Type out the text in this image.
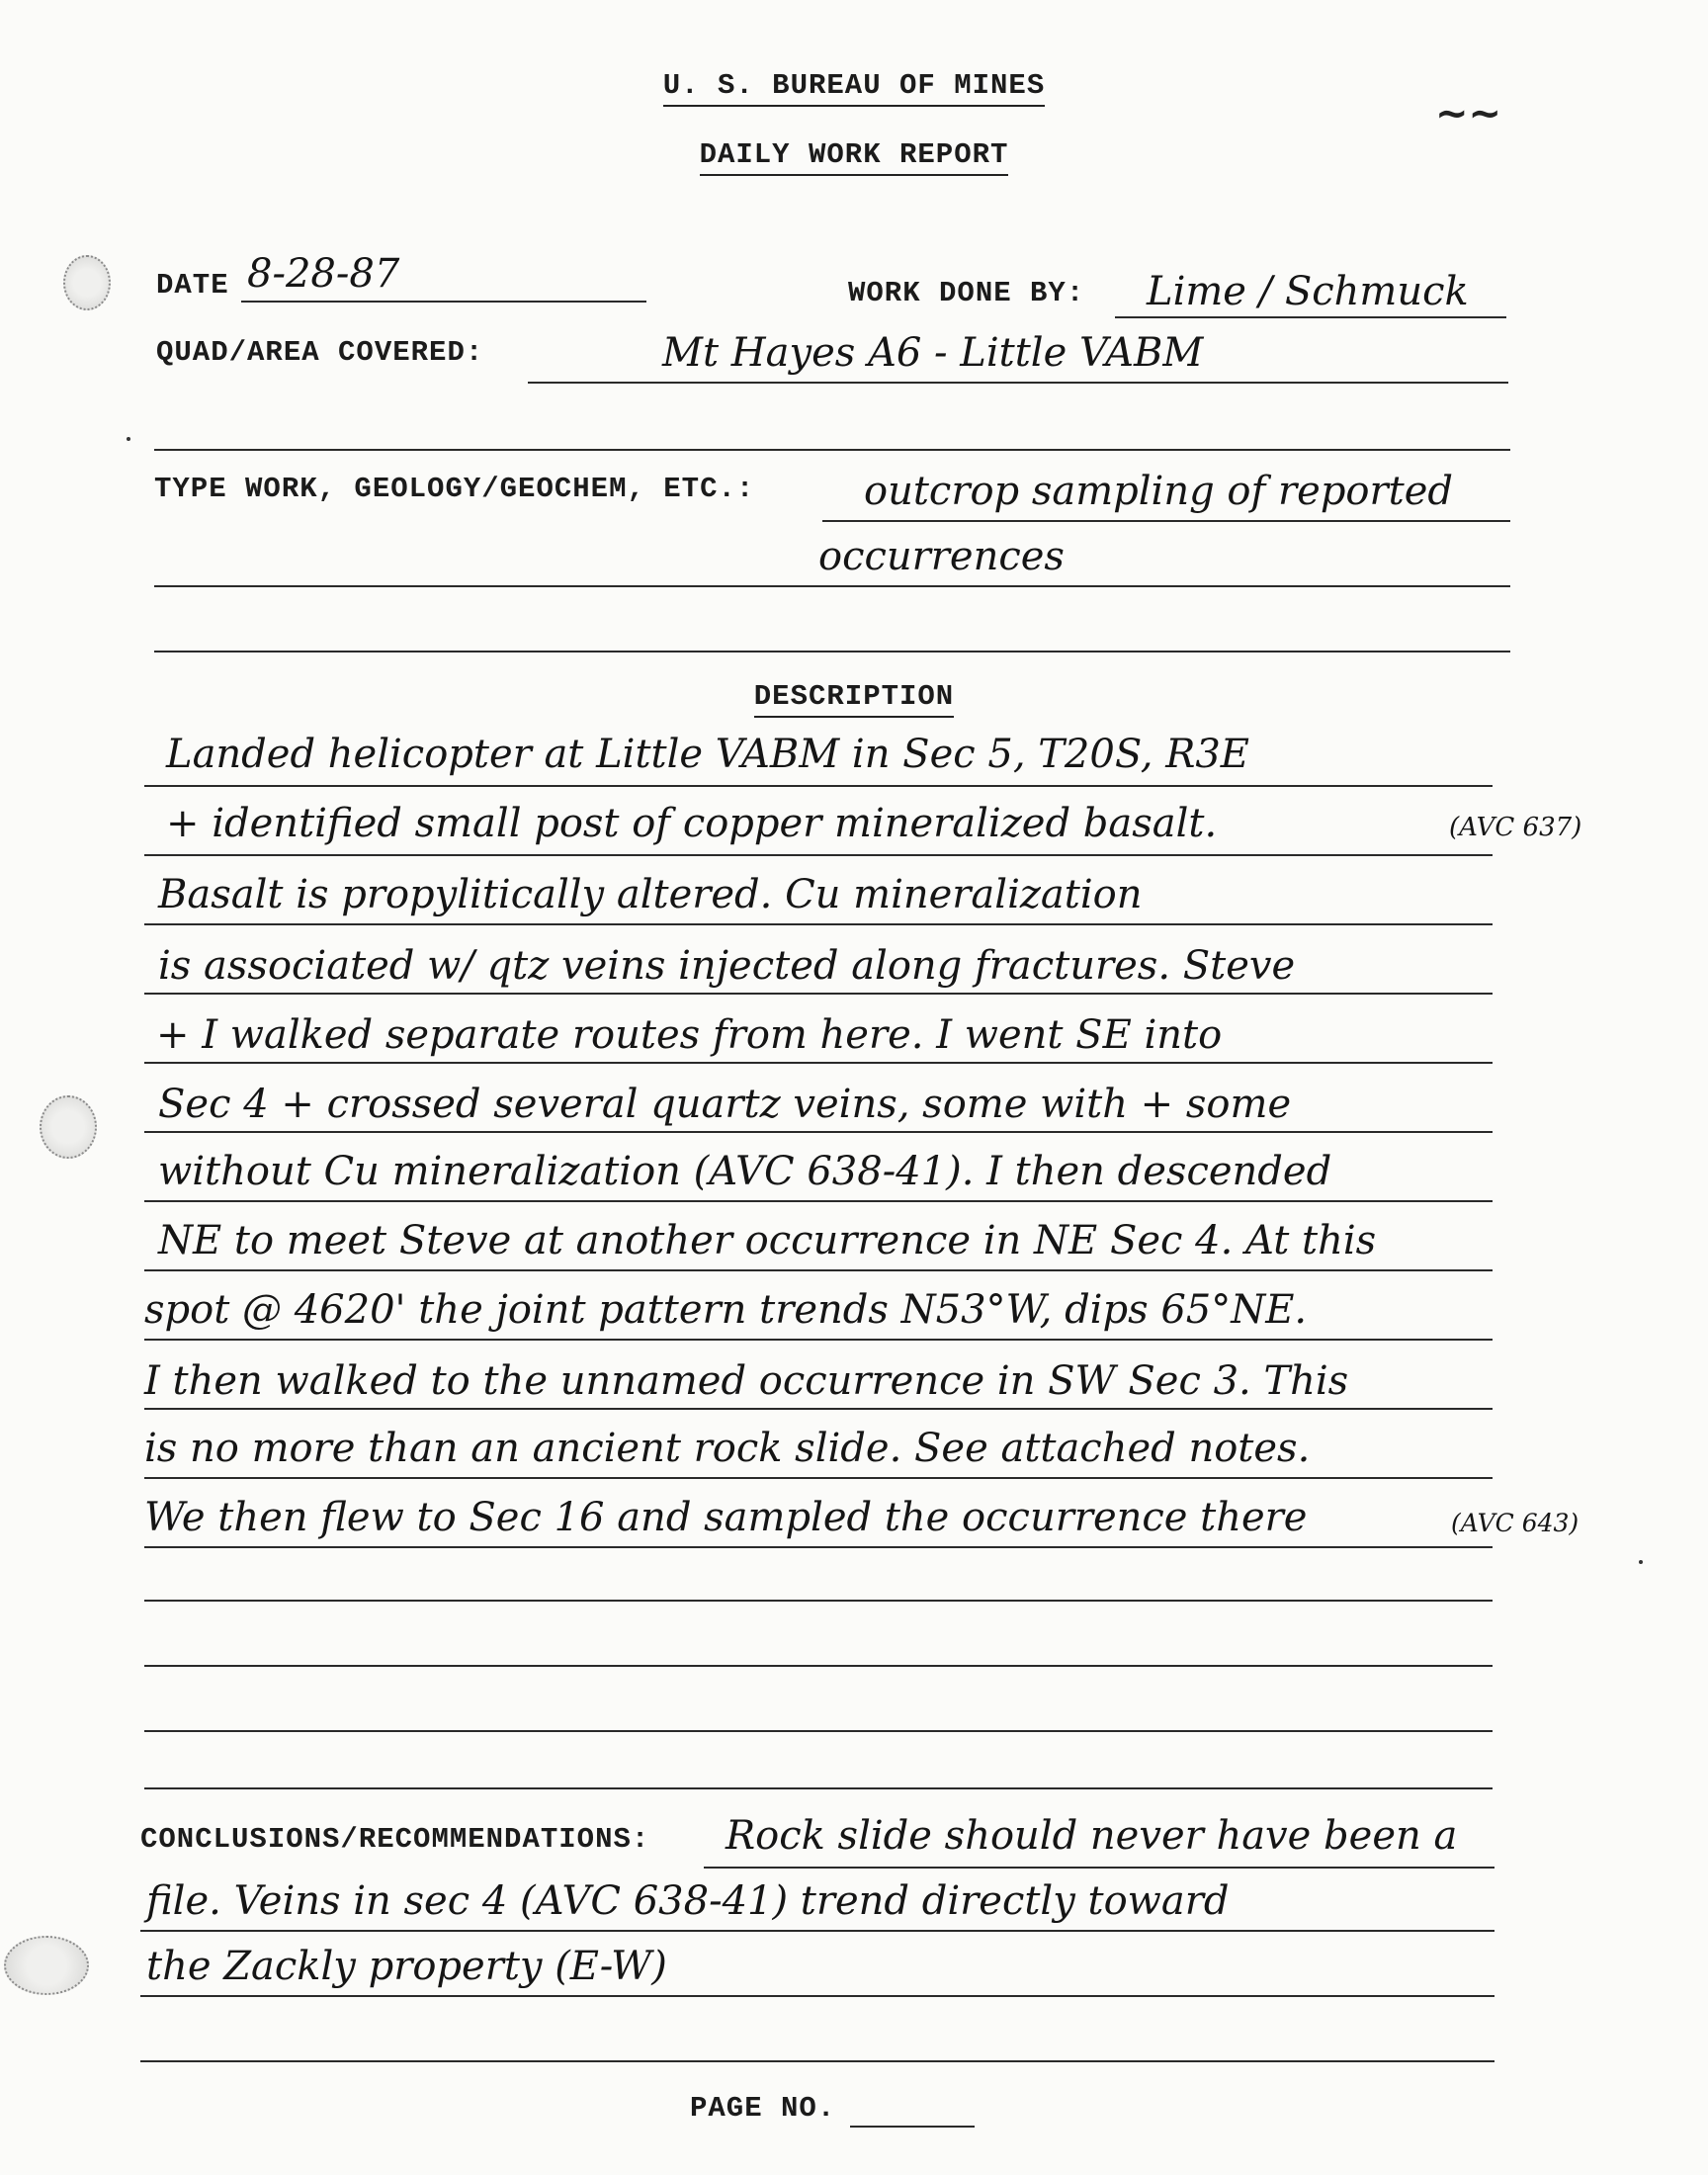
~~
U. S. BUREAU OF MINES
DAILY WORK REPORT
DATE 8-28-87	WORK DONE BY: Lime / Schmuck
QUAD/AREA COVERED:	Mt Hayes A6 - Little VABM
TYPE WORK, GEOLOGY/GEOCHEM, ETC.:	outcrop sampling of reported
occurrences
DESCRIPTION
Landed helicopter at Little VABM in Sec 5, T20S, R3E
+ identified small post of copper mineralized basalt.	(AVC 637)
Basalt is propylitically altered. Cu mineralization
is associated w/ qtz veins injected along fractures. Steve
+ I walked separate routes from here. I went SE into
Sec 4 + crossed several quartz veins, some with + some
without Cu mineralization (AVC 638-41). I then descended
NE to meet Steve at another occurrence in NE Sec 4. At this
spot @ 4620' the joint pattern trends N53°W, dips 65°NE.
I then walked to the unnamed occurrence in SW Sec 3. This
is no more than an ancient rock slide. See attached notes.
We then flew to Sec 16 and sampled the occurrence there	(AVC 643)
CONCLUSIONS/RECOMMENDATIONS: Rock slide should never have been a
file. Veins in sec 4 (AVC 638-41) trend directly toward
the Zackly property (E-W)
PAGE NO.
